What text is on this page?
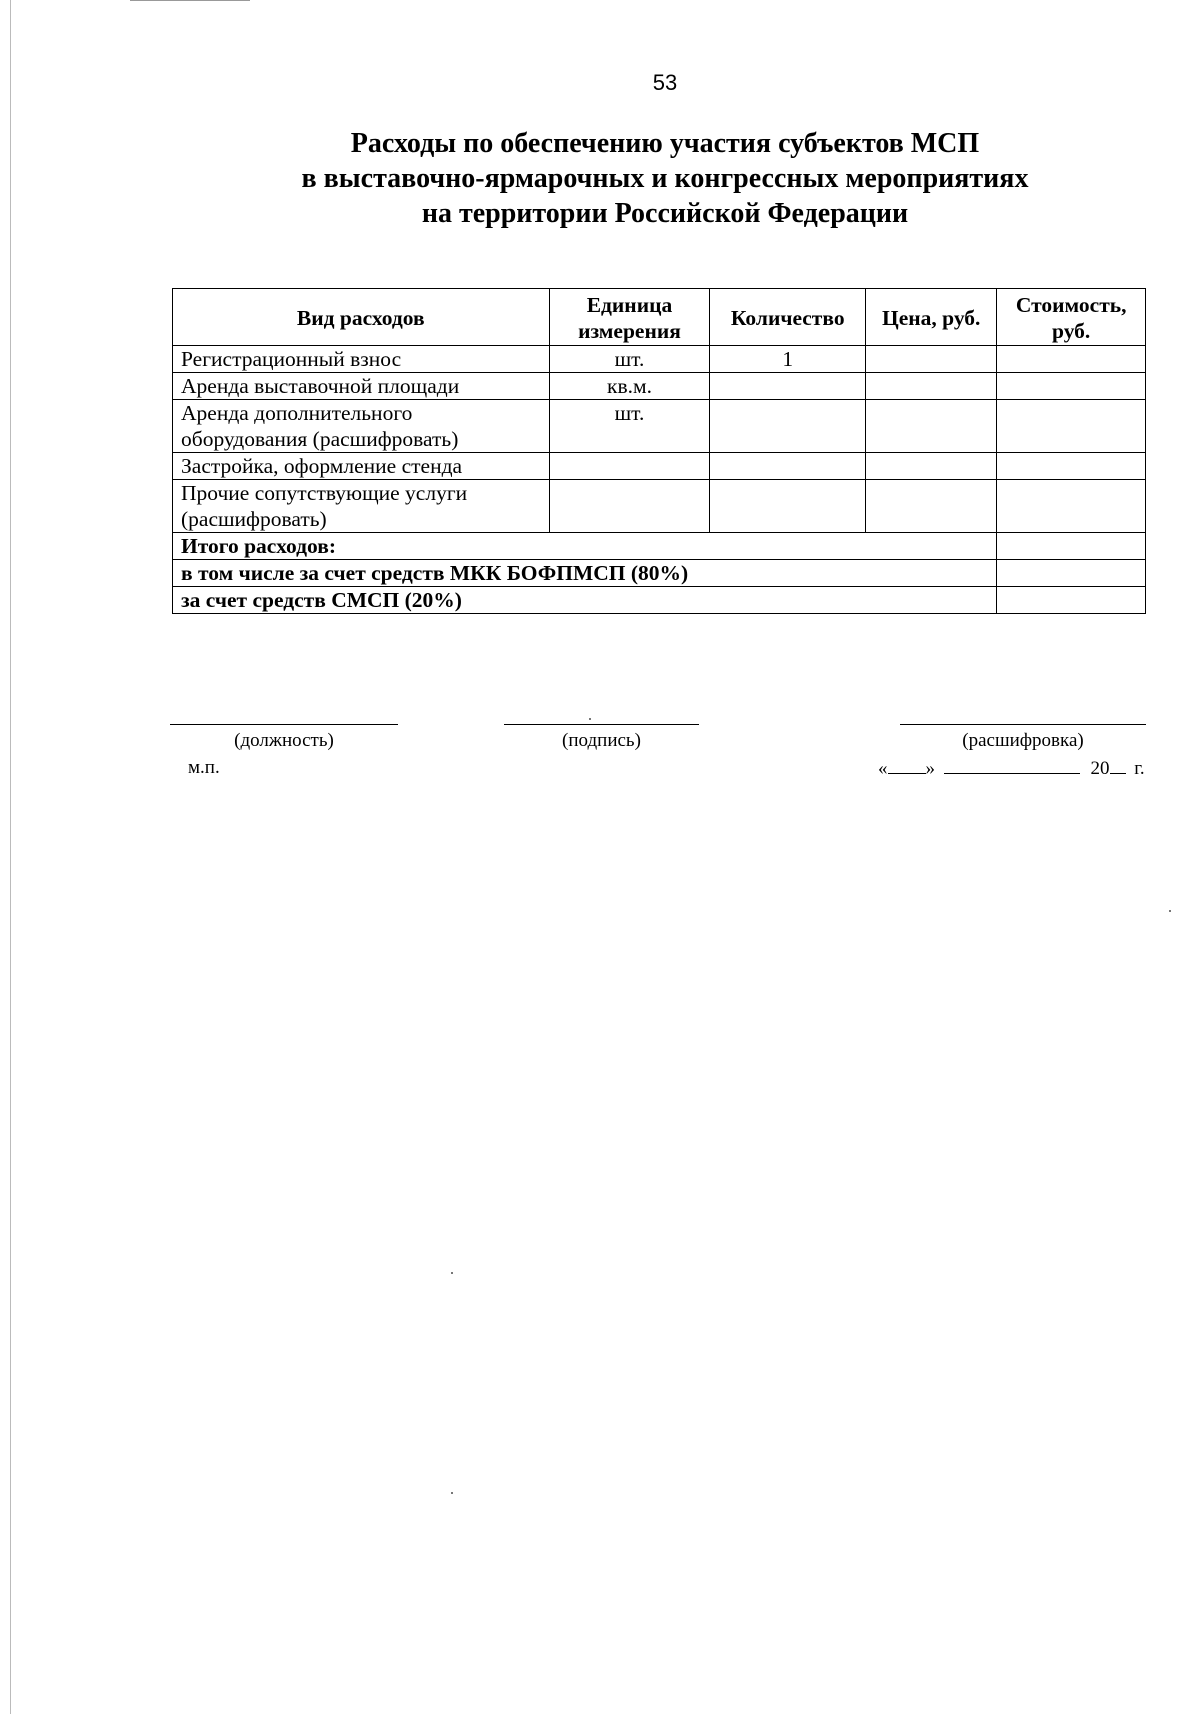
53
Расходы по обеспечению участия субъектов МСП
в выставочно-ярмарочных и конгрессных мероприятиях
на территории Российской Федерации
Вид расходов	Единица измерения	Количество	Цена, руб.	Стоимость, руб.
Регистрационный взнос	шт.	1		
Аренда выставочной площади	кв.м.			
Аренда дополнительного оборудования (расшифровать)	шт.			
Застройка, оформление стенда				
Прочие сопутствующие услуги (расшифровать)				
Итого расходов:				
в том числе за счет средств МКК БОФПМСП (80%)				
за счет средств СМСП (20%)				
(должность)	(подпись)	(расшифровка)
м.п.	« »	20 г.
